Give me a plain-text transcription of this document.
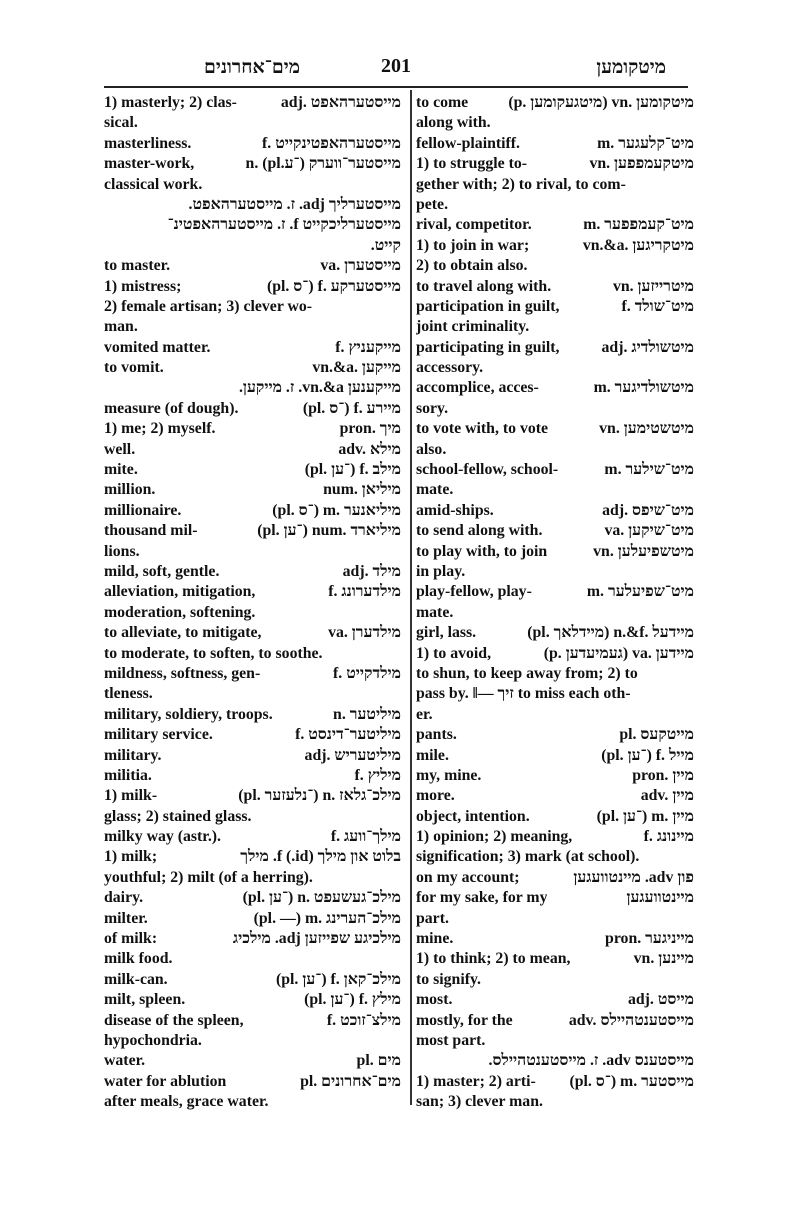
מים־אחרונים	201	מיטקומען
1) masterly; 2) clas-	adj. מייסטערהאפט
sical.
masterliness.	f. מייסטערהאפטינקייט
master-work,	n. (pl.־ע) מייסטער־ווערק
classical work.
מייסטערליך adj. ז. מייסטערהאפט.
מייסטערליכקייט f. ז. מייסטערהאפטינ־
קייט.
to master.	va. מייסטערן
1) mistress;	(pl. ־ס) f. מייסטערקע
2) female artisan; 3) clever wo-
man.
vomited matter.	f. מייקעניץ
to vomit.	vn.&a. מייקען
מייקענען vn.&a. ז. מייקען.
measure (of dough).	(pl. ־ס) f. מיירע
1) me; 2) myself.	pron. מיך
well.	adv. מילא
mite.	(pl. ־ען) f. מילב
million.	num. מיליאן
millionaire.	(pl. ־ס) m. מיליאנער
thousand mil-	(pl. ־ען) num. מיליארד
lions.
mild, soft, gentle.	adj. מילד
alleviation, mitigation,	f. מילדערונג
moderation, softening.
to alleviate, to mitigate,	va. מילדערן
to moderate, to soften, to soothe.
mildness, softness, gen-	f. מילדקייט
tleness.
military, soldiery, troops.	n. מיליטער
military service.	f. מיליטער־דינסט
military.	adj. מיליטעריש
militia.	f. מיליץ
1) milk-	(pl. ־נלעזער) n. מילכ־גלאז
glass; 2) stained glass.
milky way (astr.).	f. מילך־וועג
1) milk;	בלוט און מילך (id.) f. מילך
youthful; 2) milt (of a herring).
dairy.	(pl. ־ען) n. מילכ־געשעפט
milter.	(pl. —) m. מילכ־הערינג
of milk:	מילכיגע שפייזען adj. מילכיג
milk food.
milk-can.	(pl. ־ען) f. מילכ־קאן
milt, spleen.	(pl. ־ען) f. מילץ
disease of the spleen,	f. מילצ־זוכט
hypochondria.
water.	pl. מים
water for ablution	pl. מים־אחרונים
after meals, grace water.
to come	(p. מיטגעקומען) vn. מיטקומען
along with.
fellow-plaintiff.	m. מיט־קלעגער
1) to struggle to-	vn. מיטקעמפפען
gether with; 2) to rival, to com-
pete.
rival, competitor.	m. מיט־קעמפפער
1) to join in war;	vn.&a. מיטקריגען
2) to obtain also.
to travel along with.	vn. מיטרייזען
participation in guilt,	f. מיט־שולד
joint criminality.
participating in guilt,	adj. מיטשולדיג
accessory.
accomplice, acces-	m. מיטשולדיגער
sory.
to vote with, to vote	vn. מיטשטימען
also.
school-fellow, school-	m. מיט־שילער
mate.
amid-ships.	adj. מיט־שיפס
to send along with.	va. מיט־שיקען
to play with, to join	vn. מיטשפיעלען
in play.
play-fellow, play-	m. מיט־שפיעלער
mate.
girl, lass.	(pl. מיידלאך) n.&f. מיידעל
1) to avoid,	(p. געמיעדען) va. מיידען
to shun, to keep away from; 2) to
pass by. ‖— זיך to miss each oth-
er.
pants.	pl. מייטקעס
mile.	(pl. ־ען) f. מייל
my, mine.	pron. מיין
more.	adv. מיין
object, intention.	(pl. ־ען) m. מיין
1) opinion; 2) meaning,	f. מיינונג
signification; 3) mark (at school).
on my account;	פון adv. מיינטוועגען
for my sake, for my	מיינטוועגען
part.
mine.	pron. מייניגער
1) to think; 2) to mean,	vn. מיינען
to signify.
most.	adj. מייסט
mostly, for the	adv. מייסטענטהיילס
most part.
מייסטענס adv. ז. מייסטענטהיילס.
1) master; 2) arti- (pl. ־ס) m. מייסטער
san; 3) clever man.
